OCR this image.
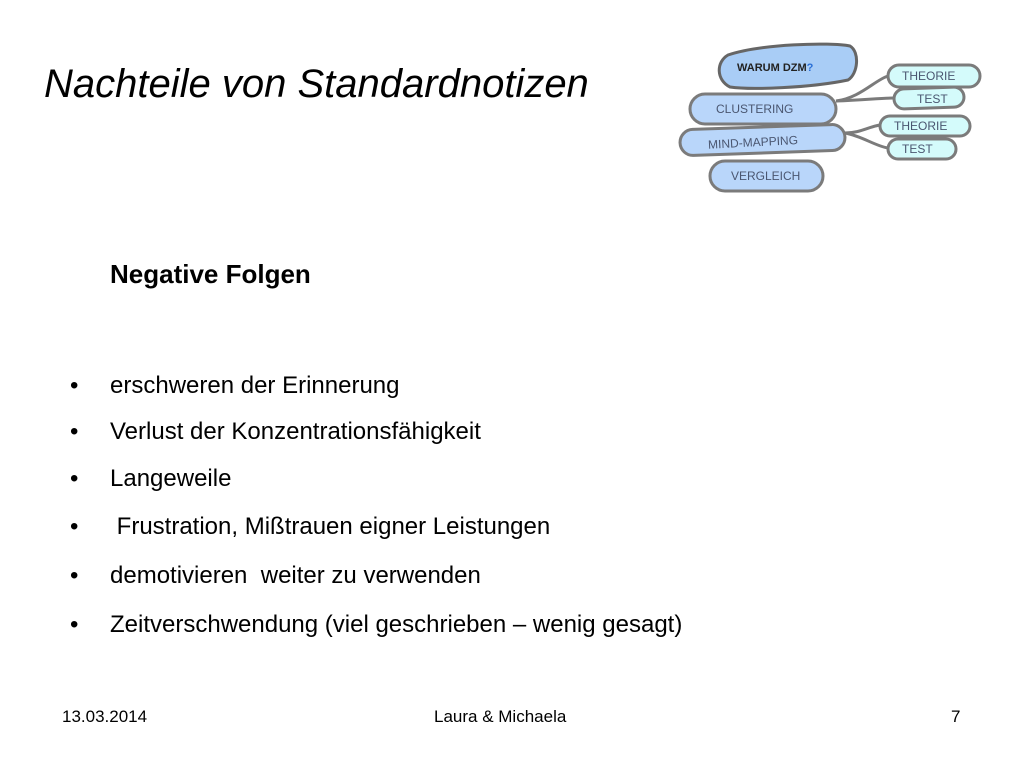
Nachteile von Standardnotizen	WARUM DZM?
CLUSTERING
MIND-MAPPING
VERGLEICH
THEORIE
TEST
THEORIE
TEST
Negative Folgen
•	erschweren der Erinnerung
•	Verlust der Konzentrationsfähigkeit
•	Langeweile
•	Frustration, Mißtrauen eigner Leistungen
•	demotivieren  weiter zu verwenden
•	Zeitverschwendung (viel geschrieben – wenig gesagt)
13.03.2014	Laura & Michaela	7
